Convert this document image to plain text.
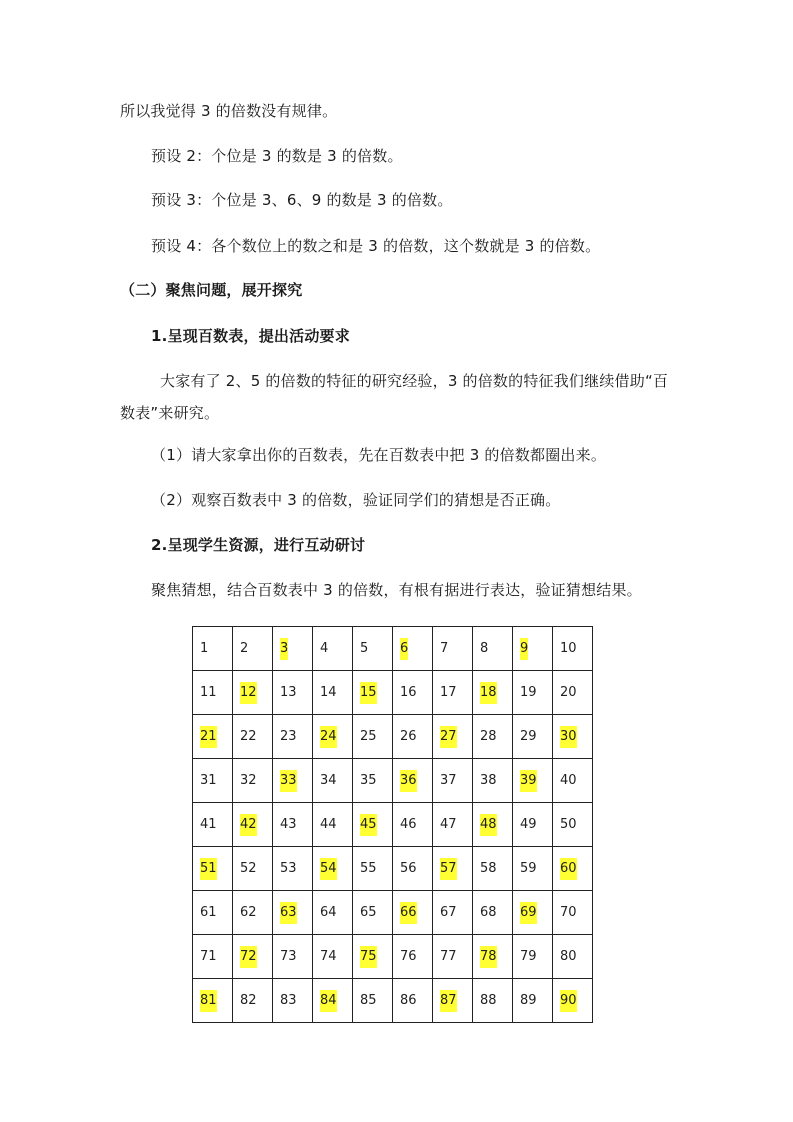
所以我觉得 3 的倍数没有规律。
预设 2：个位是 3 的数是 3 的倍数。
预设 3：个位是 3、6、9 的数是 3 的倍数。
预设 4：各个数位上的数之和是 3 的倍数，这个数就是 3 的倍数。
（二）聚焦问题，展开探究
1.呈现百数表，提出活动要求
大家有了 2、5 的倍数的特征的研究经验，3 的倍数的特征我们继续借助“百
数表”来研究。
（1）请大家拿出你的百数表，先在百数表中把 3 的倍数都圈出来。
（2）观察百数表中 3 的倍数，验证同学们的猜想是否正确。
2.呈现学生资源，进行互动研讨
聚焦猜想，结合百数表中 3 的倍数，有根有据进行表达，验证猜想结果。
1	2	3	4	5	6	7	8	9	10
11	12	13	14	15	16	17	18	19	20
21	22	23	24	25	26	27	28	29	30
31	32	33	34	35	36	37	38	39	40
41	42	43	44	45	46	47	48	49	50
51	52	53	54	55	56	57	58	59	60
61	62	63	64	65	66	67	68	69	70
71	72	73	74	75	76	77	78	79	80
81	82	83	84	85	86	87	88	89	90
